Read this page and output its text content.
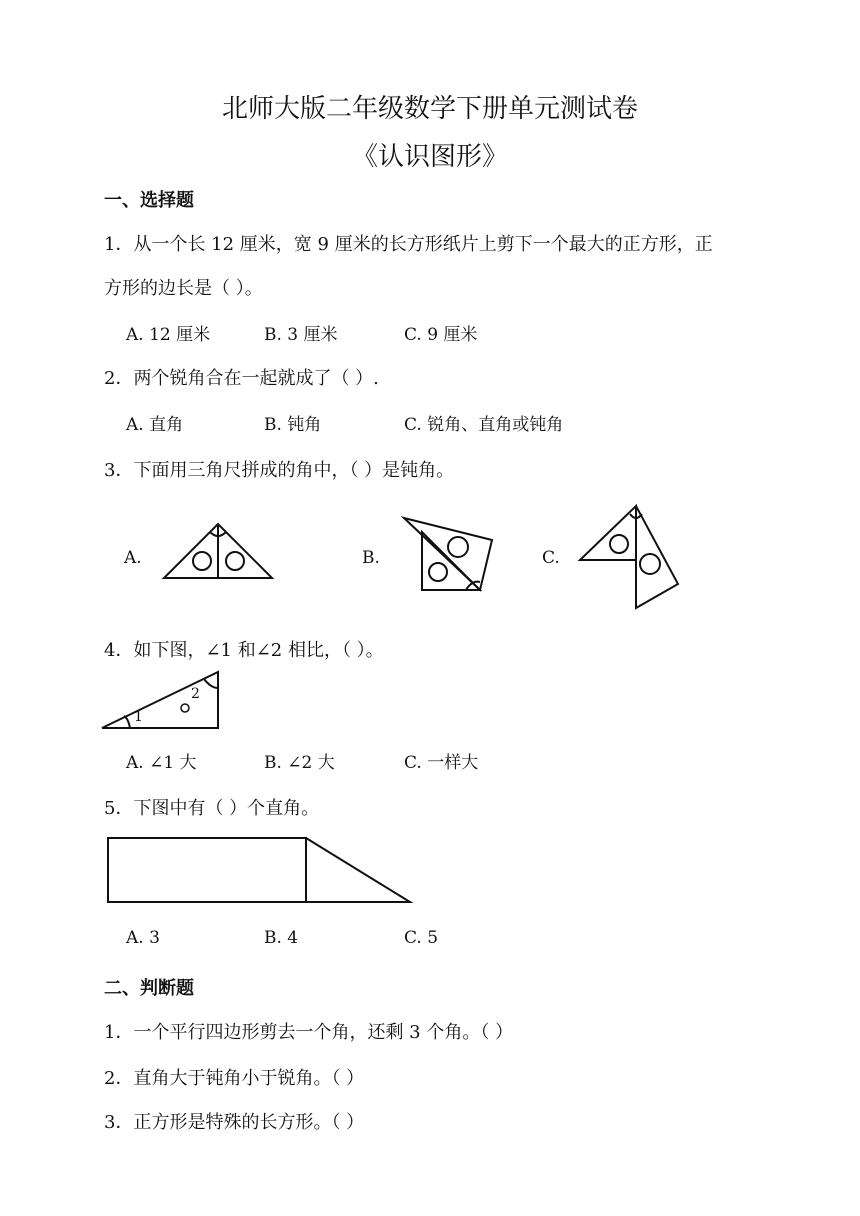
北师大版二年级数学下册单元测试卷
《认识图形》
一、选择题
1．从一个长 12 厘米，宽 9 厘米的长方形纸片上剪下一个最大的正方形，正
方形的边长是（ ）。
A. 12 厘米	B. 3 厘米	C. 9 厘米
2．两个锐角合在一起就成了（ ）.
A. 直角	B. 钝角	C. 锐角、直角或钝角
3．下面用三角尺拼成的角中，（ ）是钝角。
A.	B.	C.
4．如下图，∠1 和∠2 相比，（ ）。
1
2
A. ∠1 大	B. ∠2 大	C. 一样大
5．下图中有（ ）个直角。
A. 3	B. 4	C. 5
二、判断题
1．一个平行四边形剪去一个角，还剩 3 个角。（ ）
2．直角大于钝角小于锐角。（ ）
3．正方形是特殊的长方形。（ ）
